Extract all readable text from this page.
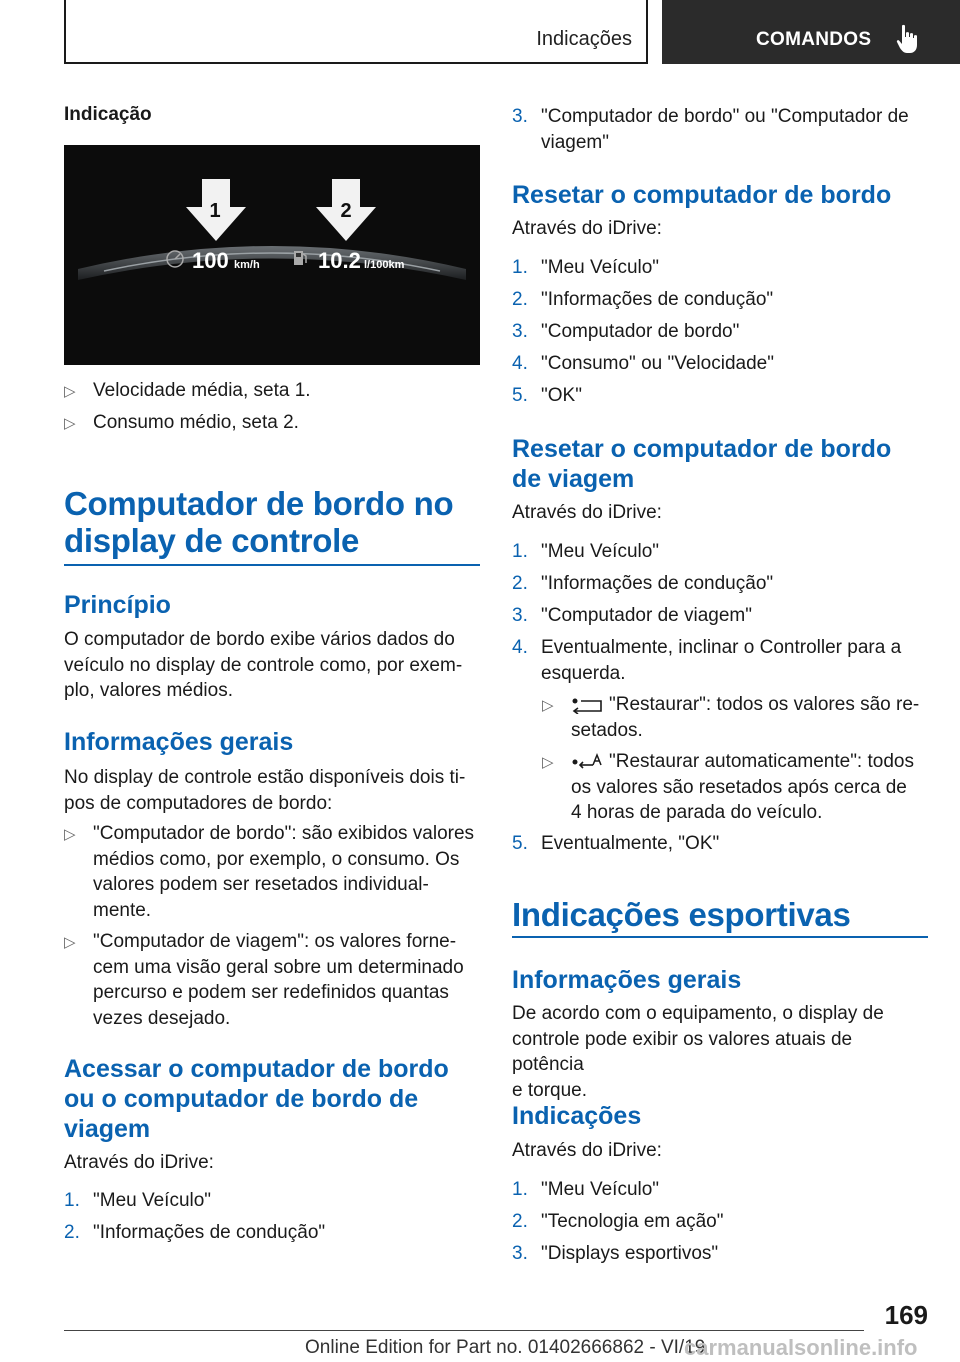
Indicações	COMANDOS
Indicação
1	2
100 km/h	10.2 l/100km
▷ Velocidade média, seta 1.
▷ Consumo médio, seta 2.
Computador de bordo no
display de controle
Princípio
O computador de bordo exibe vários dados do
veículo no display de controle como, por exem-
plo, valores médios.
Informações gerais
No display de controle estão disponíveis dois ti-
pos de computadores de bordo:
▷ "Computador de bordo": são exibidos valores
médios como, por exemplo, o consumo. Os
valores podem ser resetados individual-
mente.
▷ "Computador de viagem": os valores forne-
cem uma visão geral sobre um determinado
percurso e podem ser redefinidos quantas
vezes desejado.
Acessar o computador de bordo
ou o computador de bordo de
viagem
Através do iDrive:
1. "Meu Veículo"
2. "Informações de condução"
3. "Computador de bordo" ou "Computador de
viagem"
Resetar o computador de bordo
Através do iDrive:
1. "Meu Veículo"
2. "Informações de condução"
3. "Computador de bordo"
4. "Consumo" ou "Velocidade"
5. "OK"
Resetar o computador de bordo
de viagem
Através do iDrive:
1. "Meu Veículo"
2. "Informações de condução"
3. "Computador de viagem"
4. Eventualmente, inclinar o Controller para a
esquerda.
▷	"Restaurar": todos os valores são re-
setados.
▷	"Restaurar automaticamente": todos
os valores são resetados após cerca de
4 horas de parada do veículo.
5. Eventualmente, "OK"
Indicações esportivas
Informações gerais
De acordo com o equipamento, o display de
controle pode exibir os valores atuais de potência
e torque.
Indicações
Através do iDrive:
1. "Meu Veículo"
2. "Tecnologia em ação"
3. "Displays esportivos"
169
Online Edition for Part no. 01402666862 - VI/19
carmanualsonline.info
